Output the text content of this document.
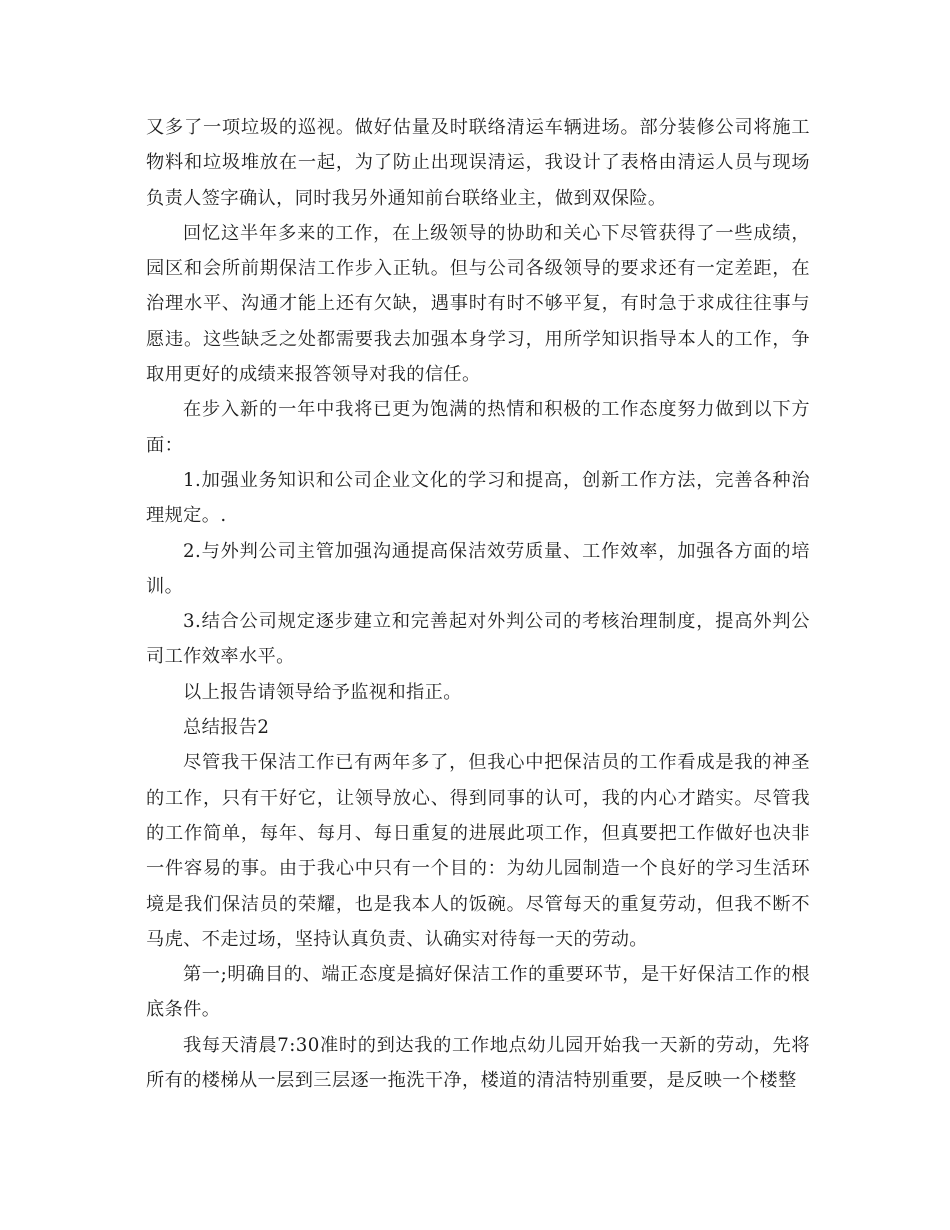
又多了一项垃圾的巡视。做好估量及时联络清运车辆进场。部分装修公司将施工物料和垃圾堆放在一起，为了防止出现误清运，我设计了表格由清运人员与现场负责人签字确认，同时我另外通知前台联络业主，做到双保险。

回忆这半年多来的工作，在上级领导的协助和关心下尽管获得了一些成绩，园区和会所前期保洁工作步入正轨。但与公司各级领导的要求还有一定差距，在治理水平、沟通才能上还有欠缺，遇事时有时不够平复，有时急于求成往往事与愿违。这些缺乏之处都需要我去加强本身学习，用所学知识指导本人的工作，争取用更好的成绩来报答领导对我的信任。

在步入新的一年中我将已更为饱满的热情和积极的工作态度努力做到以下方面：

1.加强业务知识和公司企业文化的学习和提高，创新工作方法，完善各种治理规定。.

2.与外判公司主管加强沟通提高保洁效劳质量、工作效率，加强各方面的培训。

3.结合公司规定逐步建立和完善起对外判公司的考核治理制度，提高外判公司工作效率水平。

以上报告请领导给予监视和指正。

总结报告2

尽管我干保洁工作已有两年多了，但我心中把保洁员的工作看成是我的神圣的工作，只有干好它，让领导放心、得到同事的认可，我的内心才踏实。尽管我的工作简单，每年、每月、每日重复的进展此项工作，但真要把工作做好也决非一件容易的事。由于我心中只有一个目的：为幼儿园制造一个良好的学习生活环境是我们保洁员的荣耀，也是我本人的饭碗。尽管每天的重复劳动，但我不断不马虎、不走过场，坚持认真负责、认确实对待每一天的劳动。

第一;明确目的、端正态度是搞好保洁工作的重要环节，是干好保洁工作的根底条件。

我每天清晨7:30准时的到达我的工作地点幼儿园开始我一天新的劳动，先将所有的楼梯从一层到三层逐一拖洗干净，楼道的清洁特别重要，是反映一个楼整
